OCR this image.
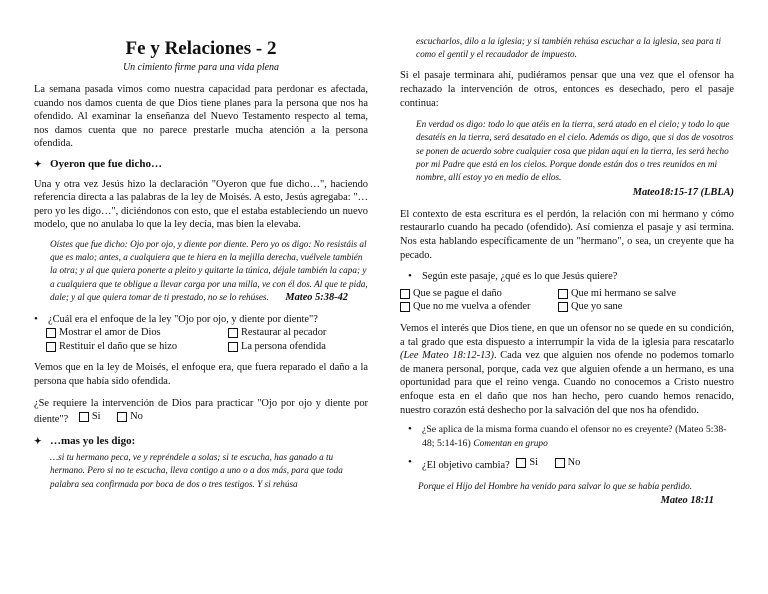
Fe y Relaciones - 2
Un cimiento firme para una vida plena

La semana pasada vimos como nuestra capacidad para perdonar es afectada, cuando nos damos cuenta de que Dios tiene planes para la persona que nos ha ofendido. Al examinar la enseñanza del Nuevo Testamento respecto al tema, nos damos cuenta que no parece prestarle mucha atención a la persona ofendida.

✦ Oyeron que fue dicho…

Una y otra vez Jesús hizo la declaración "Oyeron que fue dicho…", haciendo referencia directa a las palabras de la ley de Moisés. A esto, Jesús agregaba: "…pero yo les digo…", diciéndonos con esto, que el estaba estableciendo un nuevo modelo, que no anulaba lo que la ley decía, mas bien la elevaba.

Oístes que fue dicho: Ojo por ojo, y diente por diente. Pero yo os digo: No resistáis al que es malo; antes, a cualquiera que te hiera en la mejilla derecha, vuélvele también la otra; y al que quiera ponerte a pleito y quitarte la túnica, déjale también la capa; y a cualquiera que te obligue a llevar carga por una milla, ve con él dos. Al que te pida, dale; y al que quiera tomar de ti prestado, no se lo rehúses.	Mateo 5:38-42

• ¿Cuál era el enfoque de la ley "Ojo por ojo, y diente por diente"?
Mostrar el amor de Dios	Restaurar al pecador
Restituir el daño que se hizo	La persona ofendida

Vemos que en la ley de Moisés, el enfoque era, que fuera reparado el daño a la persona que había sido ofendida.

¿Se requiere la intervención de Dios para practicar "Ojo por ojo y diente por diente"? Si
	No

✦ …mas yo les digo:

…si tu hermano peca, ve y repréndele a solas; si te escucha, has ganado a tu hermano. Pero si no te escucha, lleva contigo a uno o a dos más, para que toda palabra sea confirmada por boca de dos o tres testigos. Y si rehúsa

escucharlos, dilo a la iglesia; y si también rehúsa escuchar a la iglesia, sea para ti como el gentil y el recaudador de impuesto.

Si el pasaje terminara ahí, pudiéramos pensar que una vez que el ofensor ha rechazado la intervención de otros, entonces es desechado, pero el pasaje continua:

En verdad os digo: todo lo que atéis en la tierra, será atado en el cielo; y todo lo que desatéis en la tierra, será desatado en el cielo. Además os digo, que si dos de vosotros se ponen de acuerdo sobre cualquier cosa que pidan aquí en la tierra, les será hecho por mi Padre que está en los cielos. Porque donde están dos o tres reunidos en mi nombre, allí estoy yo en medio de ellos.

Mateo18:15-17 (LBLA)

El contexto de esta escritura es el perdón, la relación con mi hermano y cómo restaurarlo cuando ha pecado (ofendido). Así comienza el pasaje y así termina. Nos esta hablando específicamente de un "hermano", o sea, un creyente que ha pecado.

• Según este pasaje, ¿qué es lo que Jesús quiere?
Que se pague el daño	Que mi hermano se salve
Que no me vuelva a ofender	Que yo sane

Vemos el interés que Dios tiene, en que un ofensor no se quede en su condición, a tal grado que esta dispuesto a interrumpir la vida de la iglesia para rescatarlo (Lee Mateo 18:12-13). Cada vez que alguien nos ofende no podemos tomarlo de manera personal, porque, cada vez que alguien ofende a un hermano, es una oportunidad para que el reino venga. Cuando no conocemos a Cristo nuestro enfoque esta en el daño que nos han hecho, pero cuando hemos renacido, nuestro corazón está deshecho por la salvación del que nos ha ofendido.

•	¿Se aplica de la misma forma cuando el ofensor no es creyente? (Mateo 5:38-48; 5:14-16) Comentan en grupo
• ¿El objetivo cambia? Si
	No

Porque el Hijo del Hombre ha venido para salvar lo que se había perdido.

Mateo 18:11
